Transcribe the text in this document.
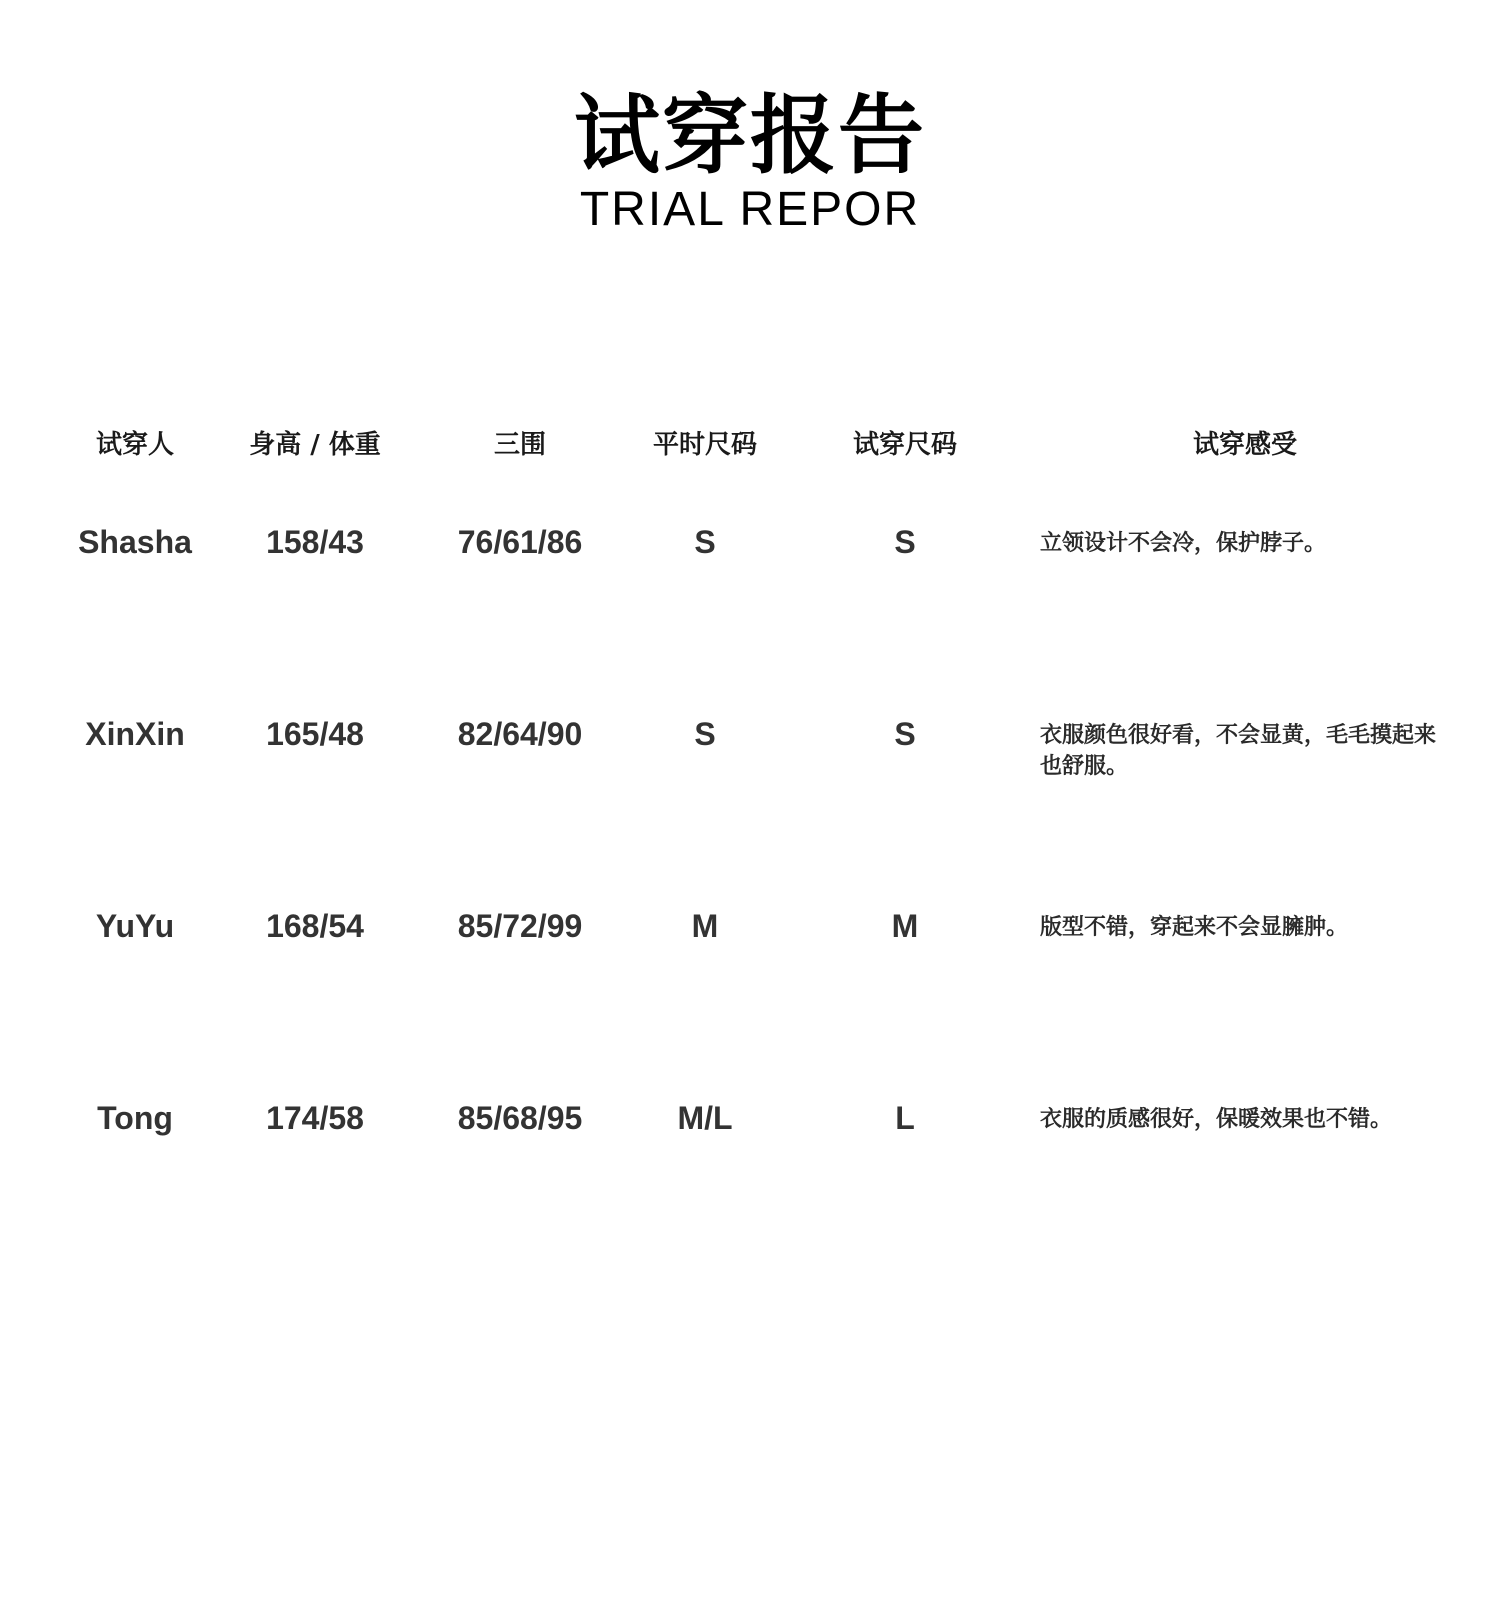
试穿报告
TRIAL REPOR
试穿人	身高 / 体重	三围	平时尺码	试穿尺码	试穿感受
Shasha	158/43	76/61/86	S	S	立领设计不会冷，保护脖子。
XinXin	165/48	82/64/90	S	S	衣服颜色很好看，不会显黄，毛毛摸起来也舒服。
YuYu	168/54	85/72/99	M	M	版型不错，穿起来不会显臃肿。
Tong	174/58	85/68/95	M/L	L	衣服的质感很好，保暖效果也不错。
